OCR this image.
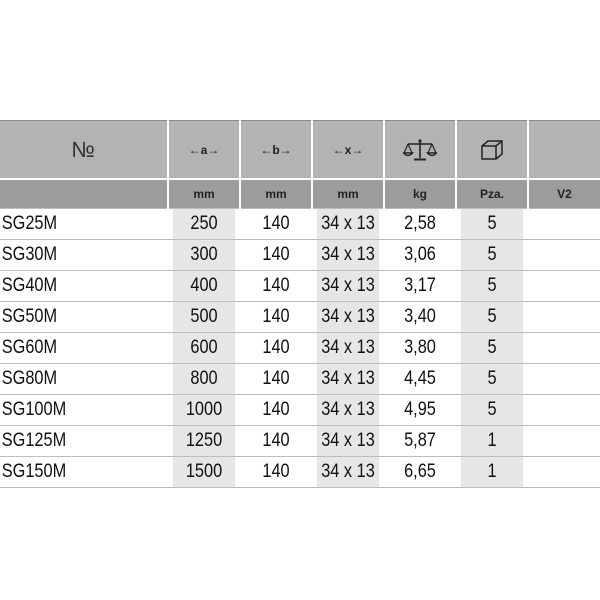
№	←a→	←b→	←x→			
	mm	mm	mm	kg	Pza.	V2
SG25M	250	140	34 x 13	2,58	5	
SG30M	300	140	34 x 13	3,06	5	
SG40M	400	140	34 x 13	3,17	5	
SG50M	500	140	34 x 13	3,40	5	
SG60M	600	140	34 x 13	3,80	5	
SG80M	800	140	34 x 13	4,45	5	
SG100M	1000	140	34 x 13	4,95	5	
SG125M	1250	140	34 x 13	5,87	1	
SG150M	1500	140	34 x 13	6,65	1	
